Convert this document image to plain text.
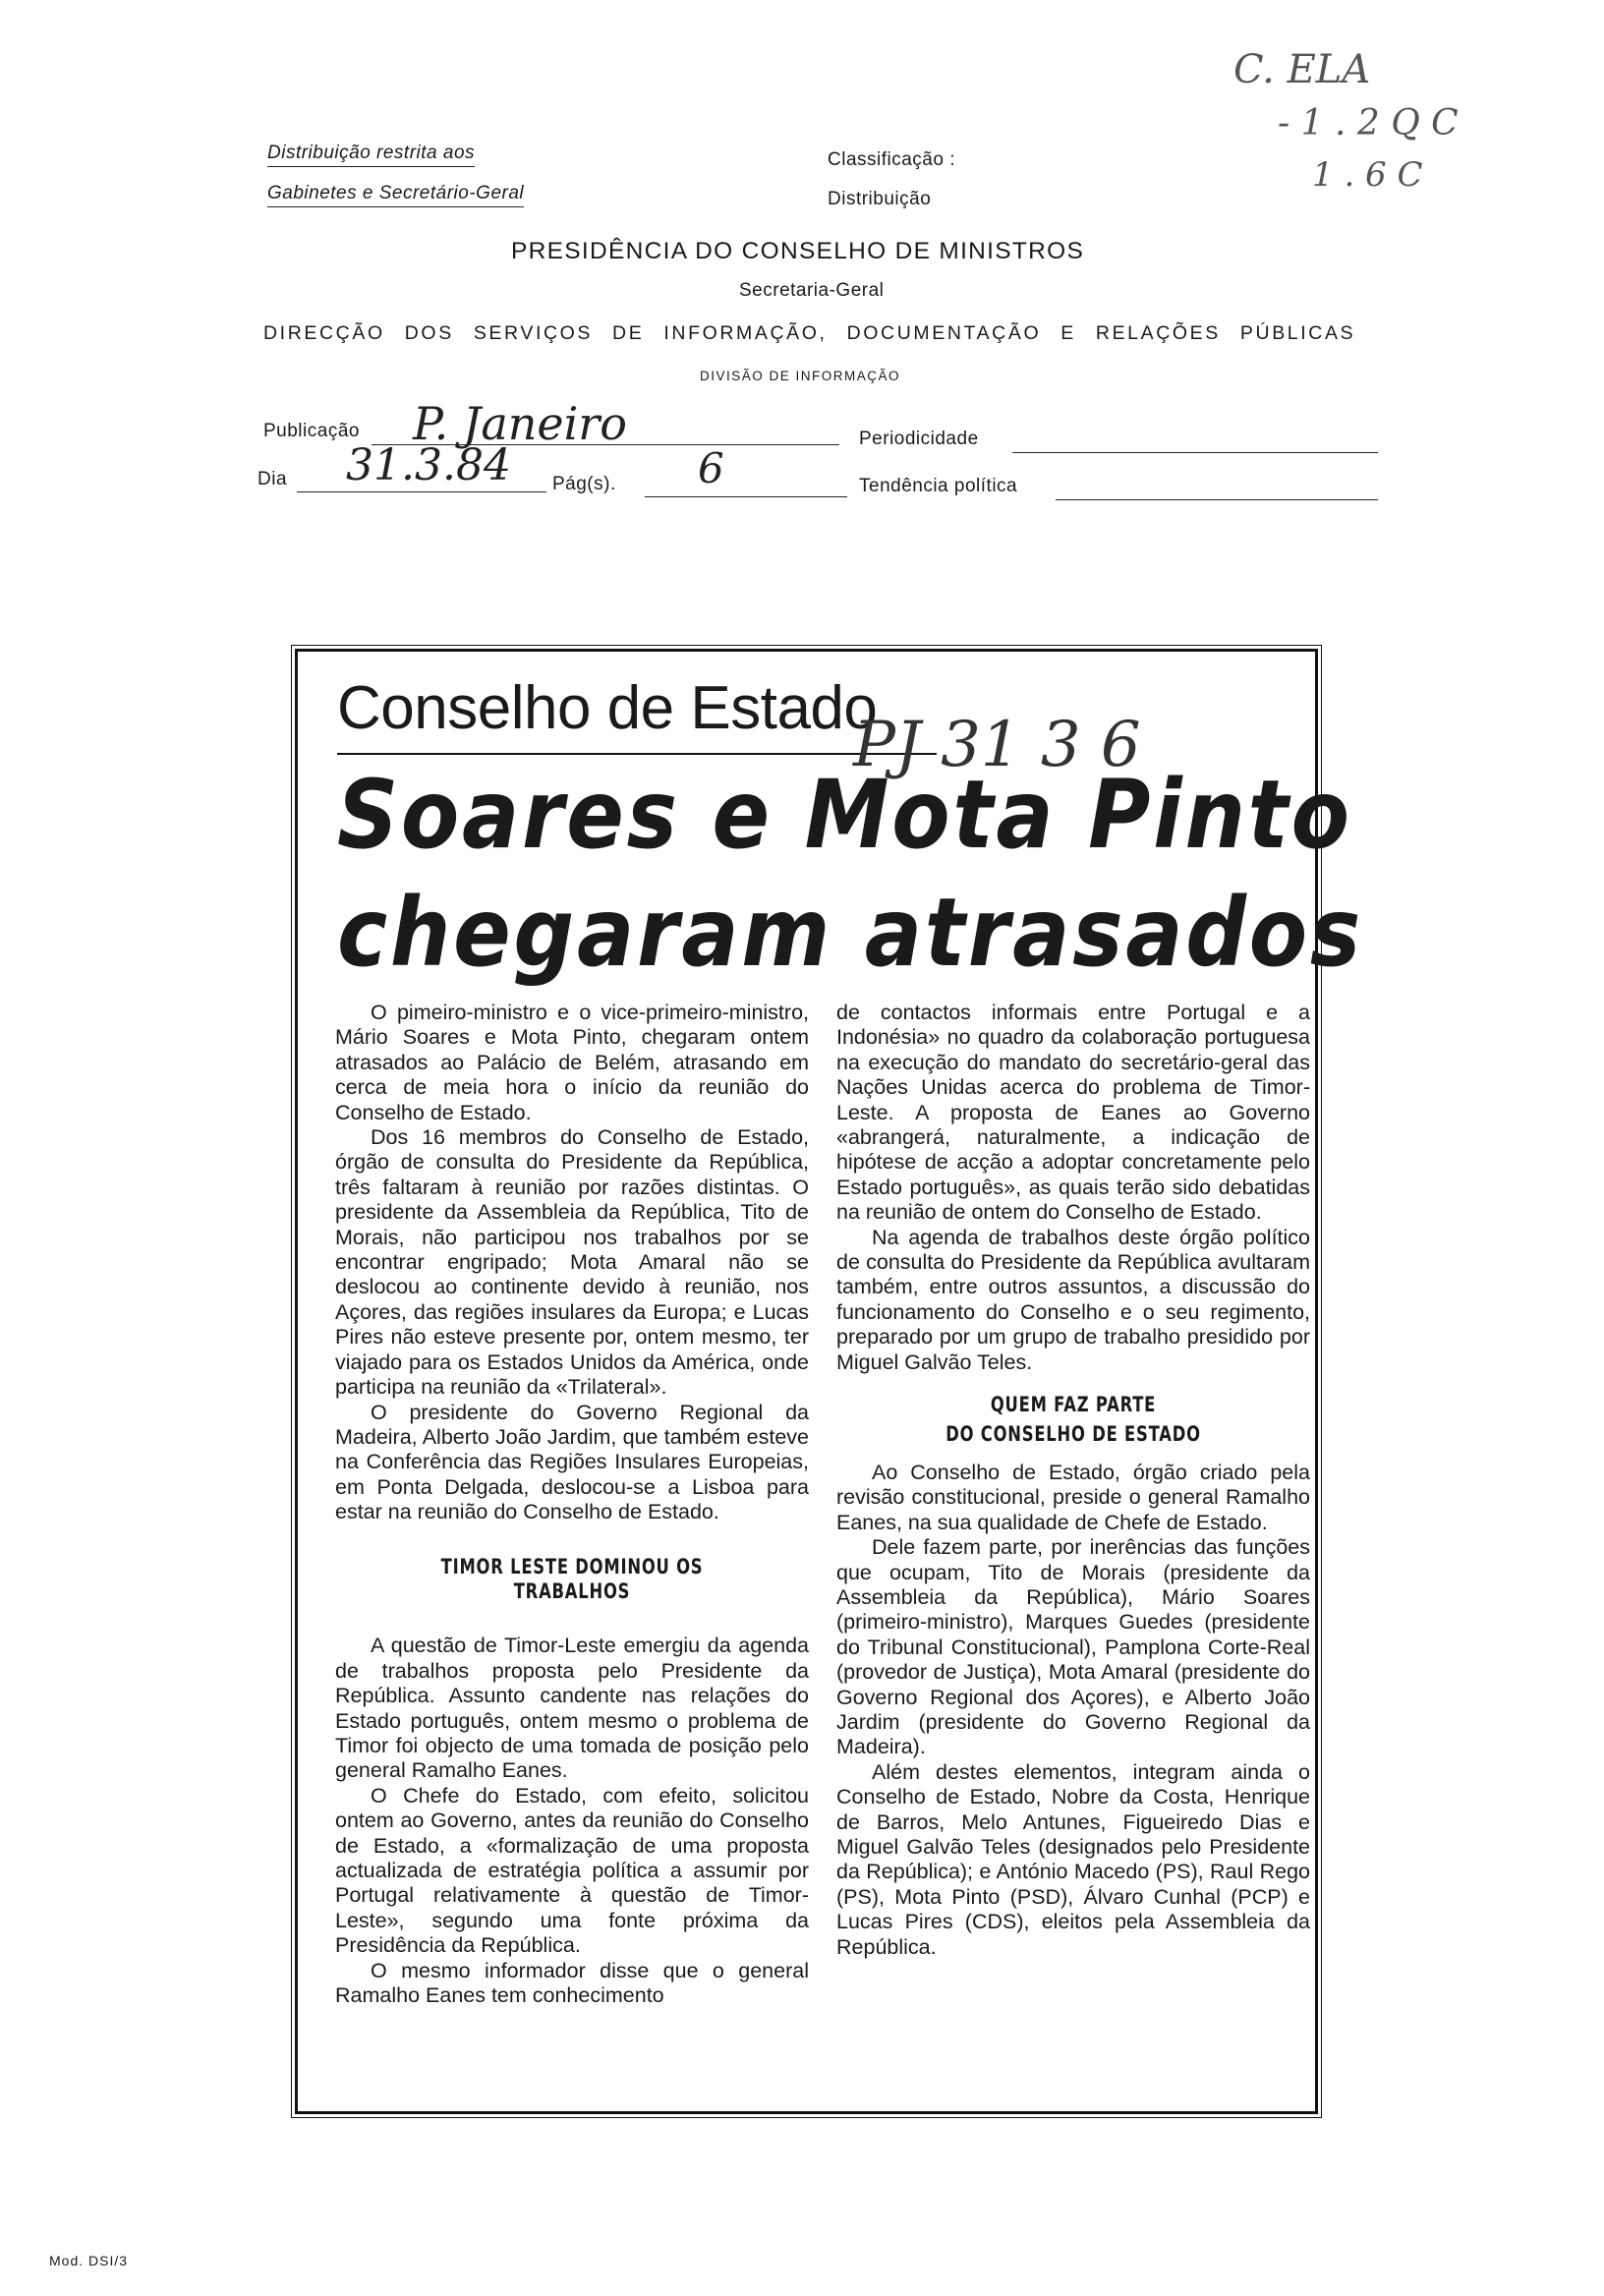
C. ELA
- 1 . 2 Q C
1 . 6 C
Distribuição restrita aos
Gabinetes e Secretário-Geral
Classificação :
Distribuição
PRESIDÊNCIA DO CONSELHO DE MINISTROS
Secretaria-Geral
DIRECÇÃO DOS SERVIÇOS DE INFORMAÇÃO, DOCUMENTAÇÃO E RELAÇÕES PÚBLICAS
DIVISÃO DE INFORMAÇÃO
Publicação P. Janeiro	Periodicidade
Dia 31.3.84 Pág(s). 6	Tendência política
Conselho de Estado
PJ 31 3 6
Soares e Mota Pinto
chegaram atrasados

O pimeiro-ministro e o vice-primeiro-ministro, Mário Soares e Mota Pinto, chegaram ontem atrasados ao Palácio de Belém, atrasando em cerca de meia hora o início da reunião do Conselho de Estado.

Dos 16 membros do Conselho de Estado, órgão de consulta do Presidente da República, três faltaram à reunião por razões distintas. O presidente da Assembleia da República, Tito de Morais, não participou nos trabalhos por se encontrar engripado; Mota Amaral não se deslocou ao continente devido à reunião, nos Açores, das regiões insulares da Europa; e Lucas Pires não esteve presente por, ontem mesmo, ter viajado para os Estados Unidos da América, onde participa na reunião da «Trilateral».

O presidente do Governo Regional da Madeira, Alberto João Jardim, que também esteve na Conferência das Regiões Insulares Europeias, em Ponta Delgada, deslocou-se a Lisboa para estar na reunião do Conselho de Estado.

TIMOR LESTE DOMINOU OS TRABALHOS

A questão de Timor-Leste emergiu da agenda de trabalhos proposta pelo Presidente da República. Assunto candente nas relações do Estado português, ontem mesmo o problema de Timor foi objecto de uma tomada de posição pelo general Ramalho Eanes.

O Chefe do Estado, com efeito, solicitou ontem ao Governo, antes da reunião do Conselho de Estado, a «formalização de uma proposta actualizada de estratégia política a assumir por Portugal relativamente à questão de Timor-Leste», segundo uma fonte próxima da Presidência da República.

O mesmo informador disse que o general Ramalho Eanes tem conhecimento

de contactos informais entre Portugal e a Indonésia» no quadro da colaboração portuguesa na execução do mandato do secretário-geral das Nações Unidas acerca do problema de Timor-Leste. A proposta de Eanes ao Governo «abrangerá, naturalmente, a indicação de hipótese de acção a adoptar concretamente pelo Estado português», as quais terão sido debatidas na reunião de ontem do Conselho de Estado.

Na agenda de trabalhos deste órgão político de consulta do Presidente da República avultaram também, entre outros assuntos, a discussão do funcionamento do Conselho e o seu regimento, preparado por um grupo de trabalho presidido por Miguel Galvão Teles.

QUEM FAZ PARTE

DO CONSELHO DE ESTADO

Ao Conselho de Estado, órgão criado pela revisão constitucional, preside o general Ramalho Eanes, na sua qualidade de Chefe de Estado.

Dele fazem parte, por inerências das funções que ocupam, Tito de Morais (presidente da Assembleia da República), Mário Soares (primeiro-ministro), Marques Guedes (presidente do Tribunal Constitucional), Pamplona Corte-Real (provedor de Justiça), Mota Amaral (presidente do Governo Regional dos Açores), e Alberto João Jardim (presidente do Governo Regional da Madeira).

Além destes elementos, integram ainda o Conselho de Estado, Nobre da Costa, Henrique de Barros, Melo Antunes, Figueiredo Dias e Miguel Galvão Teles (designados pelo Presidente da República); e António Macedo (PS), Raul Rego (PS), Mota Pinto (PSD), Álvaro Cunhal (PCP) e Lucas Pires (CDS), eleitos pela Assembleia da República.

Mod. DSI/3
